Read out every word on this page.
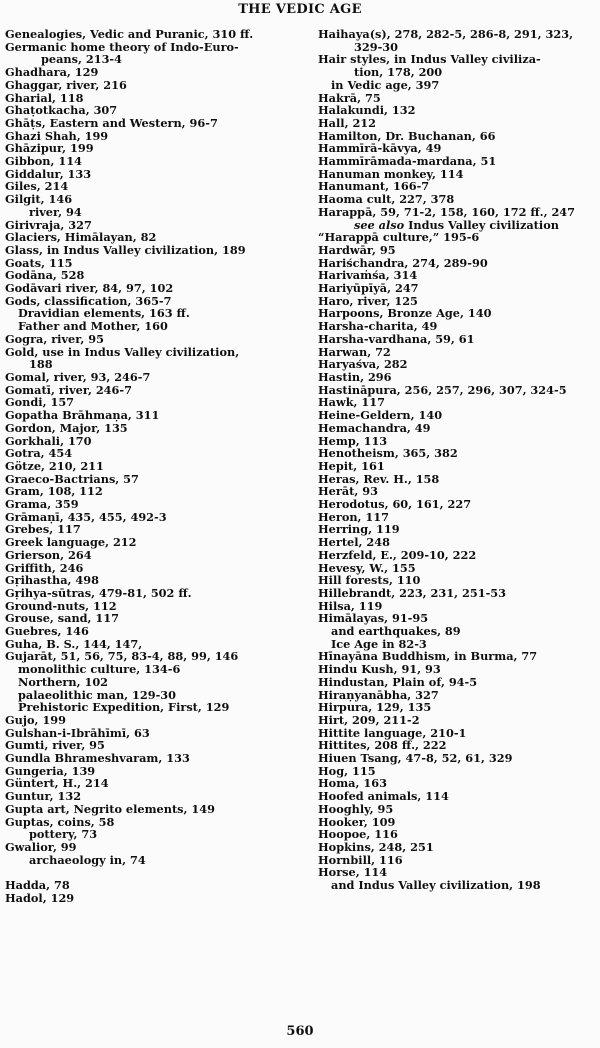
THE VEDIC AGE
Genealogies, Vedic and Puranic, 310 ff.
Germanic home theory of Indo-Euro-
peans, 213-4
Ghadhara, 129
Ghaggar, river, 216
Gharial, 118
Ghaṭotkacha, 307
Ghāṭs, Eastern and Western, 96-7
Ghazi Shah, 199
Ghāzipur, 199
Gibbon, 114
Giddalur, 133
Giles, 214
Gilgit, 146
river, 94
Girivraja, 327
Glaciers, Himālayan, 82
Glass, in Indus Valley civilization, 189
Goats, 115
Godāna, 528
Godāvari river, 84, 97, 102
Gods, classification, 365-7
Dravidian elements, 163 ff.
Father and Mother, 160
Gogra, river, 95
Gold, use in Indus Valley civilization,
188
Gomal, river, 93, 246-7
Gomatī, river, 246-7
Gondi, 157
Gopatha Brāhmaṇa, 311
Gordon, Major, 135
Gorkhali, 170
Gotra, 454
Götze, 210, 211
Graeco-Bactrians, 57
Gram, 108, 112
Grama, 359
Grāmaṇī, 435, 455, 492-3
Grebes, 117
Greek language, 212
Grierson, 264
Griffith, 246
Gṛihastha, 498
Gṛihya-sūtras, 479-81, 502 ff.
Ground-nuts, 112
Grouse, sand, 117
Guebres, 146
Guha, B. S., 144, 147,
Gujarāt, 51, 56, 75, 83-4, 88, 99, 146
monolithic culture, 134-6
Northern, 102
palaeolithic man, 129-30
Prehistoric Expedition, First, 129
Gujo, 199
Gulshan-i-Ibrāhīmī, 63
Gumti, river, 95
Gundla Bhrameshvaram, 133
Gungeria, 139
Güntert, H., 214
Guntur, 132
Gupta art, Negrito elements, 149
Guptas, coins, 58
pottery, 73
Gwalior, 99
archaeology in, 74
Hadda, 78
Hadol, 129
Haihaya(s), 278, 282-5, 286-8, 291, 323,
329-30
Hair styles, in Indus Valley civiliza-
tion, 178, 200
in Vedic age, 397
Hakrā, 75
Halakundi, 132
Hall, 212
Hamilton, Dr. Buchanan, 66
Hammīrā-kāvya, 49
Hammīrāmada-mardana, 51
Hanuman monkey, 114
Hanumant, 166-7
Haoma cult, 227, 378
Harappā, 59, 71-2, 158, 160, 172 ff., 247
see also Indus Valley civilization
“Harappā culture,” 195-6
Hardwār, 95
Hariśchandra, 274, 289-90
Harivaṁśa, 314
Hariyūpīyā, 247
Haro, river, 125
Harpoons, Bronze Age, 140
Harsha-charita, 49
Harsha-vardhana, 59, 61
Harwan, 72
Haryaśva, 282
Hastin, 296
Hastināpura, 256, 257, 296, 307, 324-5
Hawk, 117
Heine-Geldern, 140
Hemachandra, 49
Hemp, 113
Henotheism, 365, 382
Hepit, 161
Heras, Rev. H., 158
Herāt, 93
Herodotus, 60, 161, 227
Heron, 117
Herring, 119
Hertel, 248
Herzfeld, E., 209-10, 222
Hevesy, W., 155
Hill forests, 110
Hillebrandt, 223, 231, 251-53
Hilsa, 119
Himālayas, 91-95
and earthquakes, 89
Ice Age in 82-3
Hīnayāna Buddhism, in Burma, 77
Hindu Kush, 91, 93
Hindustan, Plain of, 94-5
Hiraṇyanābha, 327
Hirpura, 129, 135
Hirt, 209, 211-2
Hittite language, 210-1
Hittites, 208 ff., 222
Hiuen Tsang, 47-8, 52, 61, 329
Hog, 115
Homa, 163
Hoofed animals, 114
Hooghly, 95
Hooker, 109
Hoopoe, 116
Hopkins, 248, 251
Hornbill, 116
Horse, 114
and Indus Valley civilization, 198
560
